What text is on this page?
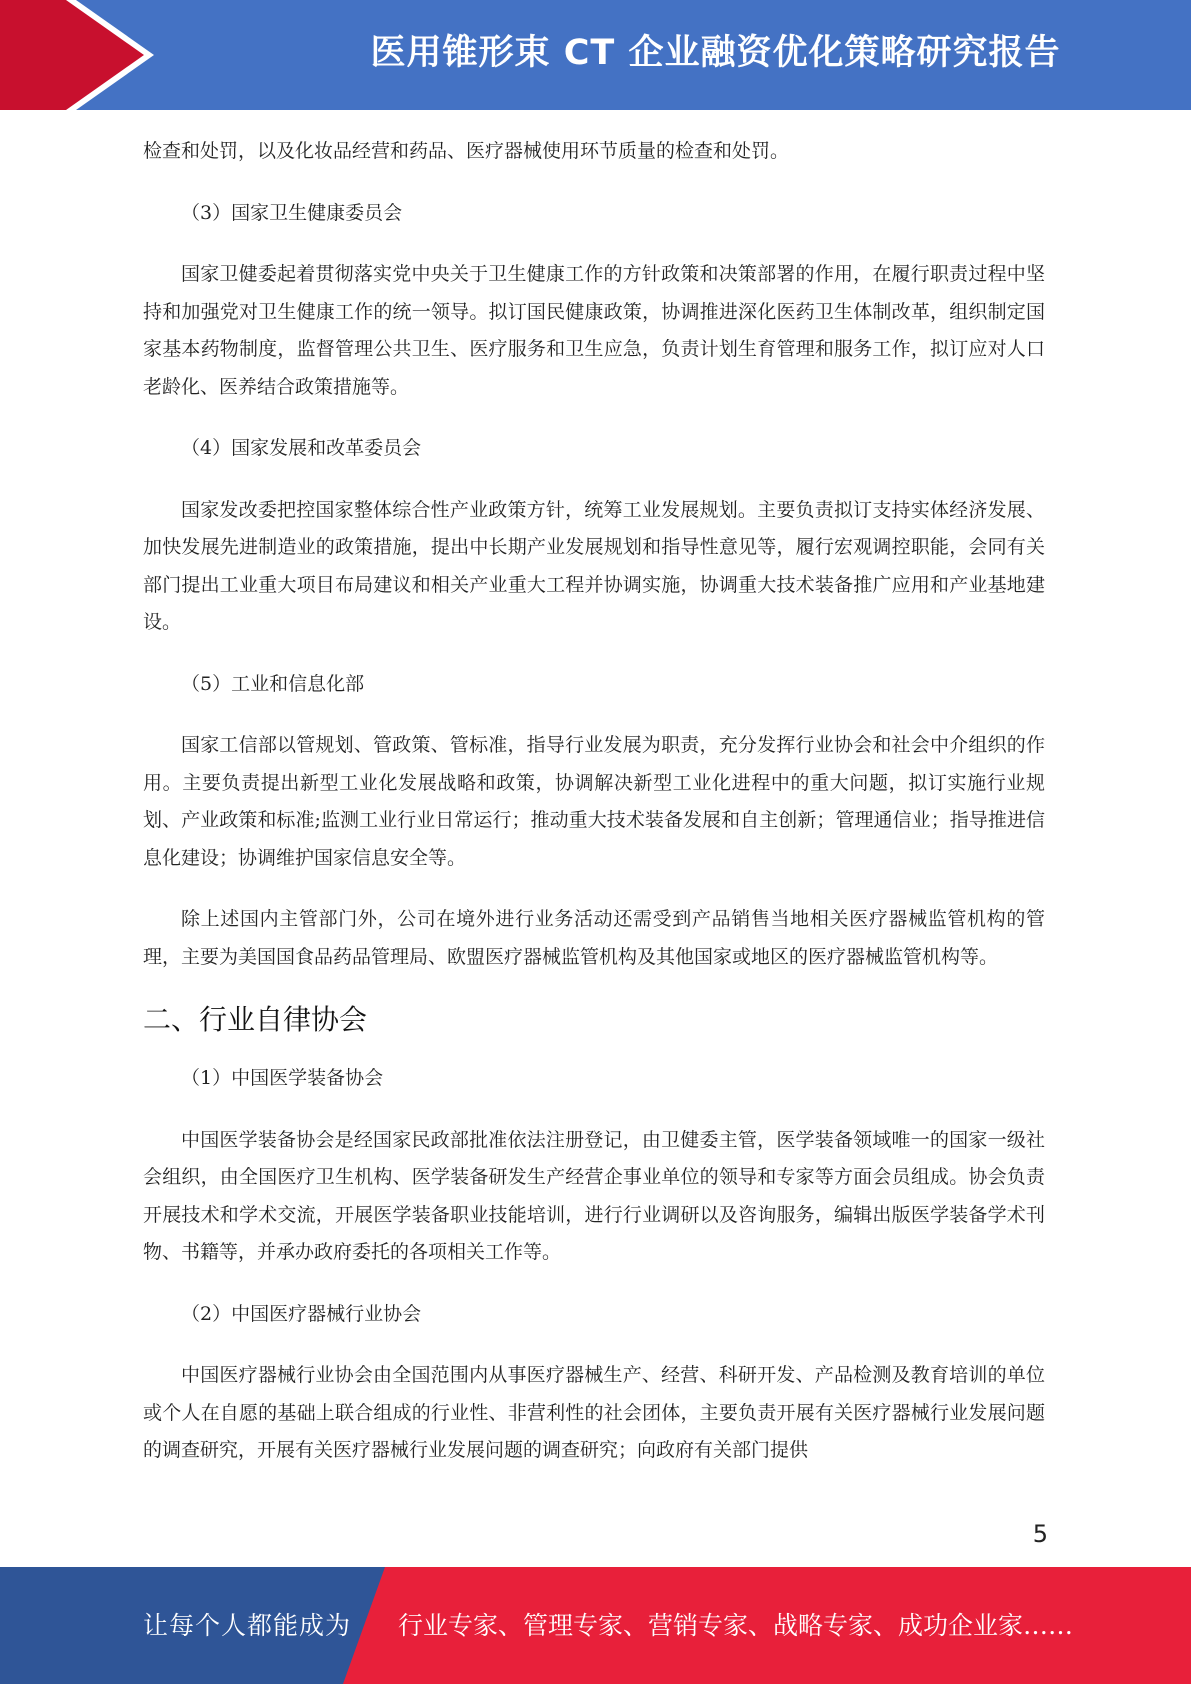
医用锥形束 CT 企业融资优化策略研究报告

检查和处罚，以及化妆品经营和药品、医疗器械使用环节质量的检查和处罚。

（3）国家卫生健康委员会

国家卫健委起着贯彻落实党中央关于卫生健康工作的方针政策和决策部署的作用，在履行职责过程中坚持和加强党对卫生健康工作的统一领导。拟订国民健康政策，协调推进深化医药卫生体制改革，组织制定国家基本药物制度，监督管理公共卫生、医疗服务和卫生应急，负责计划生育管理和服务工作，拟订应对人口老龄化、医养结合政策措施等。

（4）国家发展和改革委员会

国家发改委把控国家整体综合性产业政策方针，统筹工业发展规划。主要负责拟订支持实体经济发展、加快发展先进制造业的政策措施，提出中长期产业发展规划和指导性意见等，履行宏观调控职能，会同有关部门提出工业重大项目布局建议和相关产业重大工程并协调实施，协调重大技术装备推广应用和产业基地建设。

（5）工业和信息化部

国家工信部以管规划、管政策、管标准，指导行业发展为职责，充分发挥行业协会和社会中介组织的作用。主要负责提出新型工业化发展战略和政策，协调解决新型工业化进程中的重大问题，拟订实施行业规划、产业政策和标准;监测工业行业日常运行；推动重大技术装备发展和自主创新；管理通信业；指导推进信息化建设；协调维护国家信息安全等。

除上述国内主管部门外，公司在境外进行业务活动还需受到产品销售当地相关医疗器械监管机构的管理，主要为美国国食品药品管理局、欧盟医疗器械监管机构及其他国家或地区的医疗器械监管机构等。

二、行业自律协会

（1）中国医学装备协会

中国医学装备协会是经国家民政部批准依法注册登记，由卫健委主管，医学装备领域唯一的国家一级社会组织，由全国医疗卫生机构、医学装备研发生产经营企事业单位的领导和专家等方面会员组成。协会负责开展技术和学术交流，开展医学装备职业技能培训，进行行业调研以及咨询服务，编辑出版医学装备学术刊物、书籍等，并承办政府委托的各项相关工作等。

（2）中国医疗器械行业协会

中国医疗器械行业协会由全国范围内从事医疗器械生产、经营、科研开发、产品检测及教育培训的单位或个人在自愿的基础上联合组成的行业性、非营利性的社会团体，主要负责开展有关医疗器械行业发展问题的调查研究，开展有关医疗器械行业发展问题的调查研究；向政府有关部门提供

5
让每个人都能成为 行业专家、管理专家、营销专家、战略专家、成功企业家……
